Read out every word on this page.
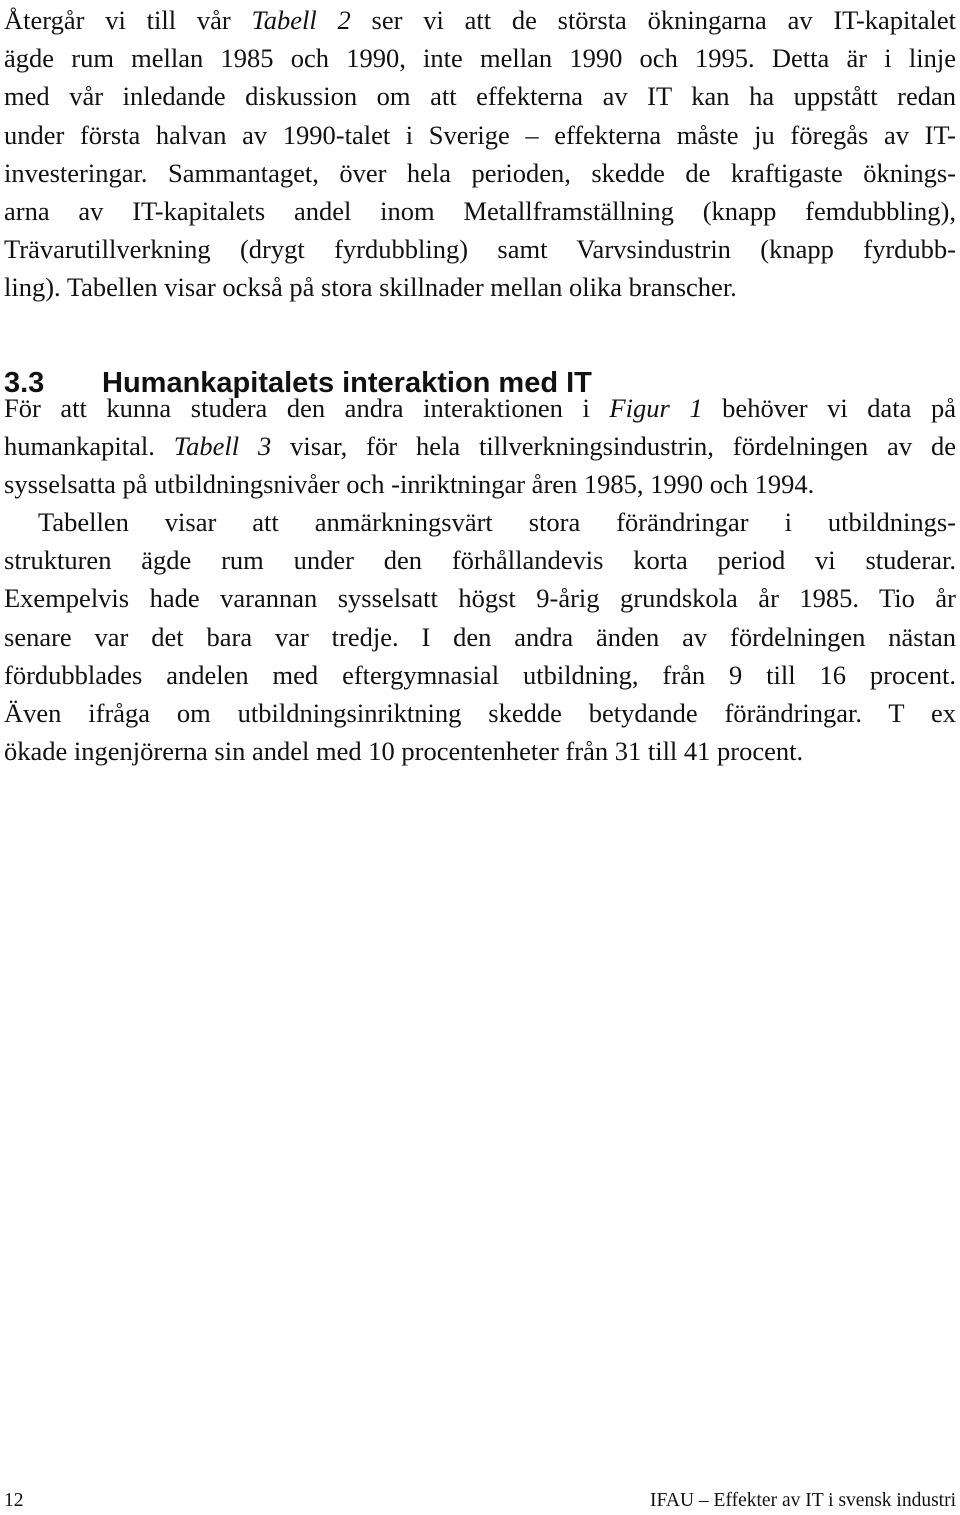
Återgår vi till vår Tabell 2 ser vi att de största ökningarna av IT-kapitalet
ägde rum mellan 1985 och 1990, inte mellan 1990 och 1995. Detta är i linje
med vår inledande diskussion om att effekterna av IT kan ha uppstått redan
under första halvan av 1990-talet i Sverige – effekterna måste ju föregås av IT-
investeringar. Sammantaget, över hela perioden, skedde de kraftigaste öknings-
arna av IT-kapitalets andel inom Metallframställning (knapp femdubbling),
Trävarutillverkning (drygt fyrdubbling) samt Varvsindustrin (knapp fyrdubb-
ling). Tabellen visar också på stora skillnader mellan olika branscher.

3.3 Humankapitalets interaktion med IT

För att kunna studera den andra interaktionen i Figur 1 behöver vi data på
humankapital. Tabell 3 visar, för hela tillverkningsindustrin, fördelningen av de
sysselsatta på utbildningsnivåer och -inriktningar åren 1985, 1990 och 1994.

Tabellen visar att anmärkningsvärt stora förändringar i utbildnings-
strukturen ägde rum under den förhållandevis korta period vi studerar.
Exempelvis hade varannan sysselsatt högst 9-årig grundskola år 1985. Tio år
senare var det bara var tredje. I den andra änden av fördelningen nästan
fördubblades andelen med eftergymnasial utbildning, från 9 till 16 procent.
Även ifråga om utbildningsinriktning skedde betydande förändringar. T ex
ökade ingenjörerna sin andel med 10 procentenheter från 31 till 41 procent.

12	IFAU – Effekter av IT i svensk industri
